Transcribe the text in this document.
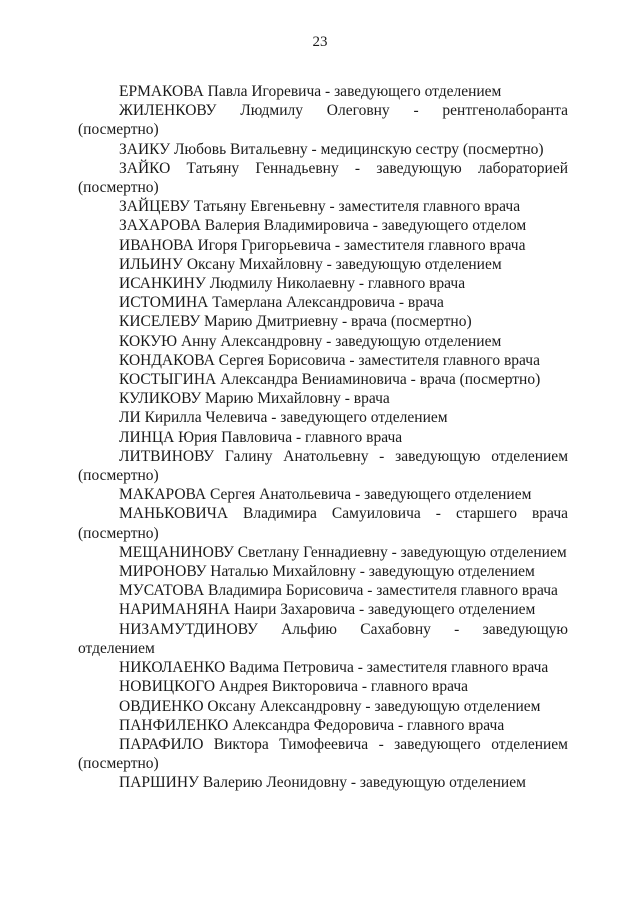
23

ЕРМАКОВА Павла Игоревича - заведующего отделением

ЖИЛЕНКОВУ Людмилу Олеговну - рентгенолаборанта (посмертно)

ЗАИКУ Любовь Витальевну - медицинскую сестру (посмертно)

ЗАЙКО Татьяну Геннадьевну - заведующую лабораторией (посмертно)

ЗАЙЦЕВУ Татьяну Евгеньевну - заместителя главного врача

ЗАХАРОВА Валерия Владимировича - заведующего отделом

ИВАНОВА Игоря Григорьевича - заместителя главного врача

ИЛЬИНУ Оксану Михайловну - заведующую отделением

ИСАНКИНУ Людмилу Николаевну - главного врача

ИСТОМИНА Тамерлана Александровича - врача

КИСЕЛЕВУ Марию Дмитриевну - врача (посмертно)

КОКУЮ Анну Александровну - заведующую отделением

КОНДАКОВА Сергея Борисовича - заместителя главного врача

КОСТЫГИНА Александра Вениаминовича - врача (посмертно)

КУЛИКОВУ Марию Михайловну - врача

ЛИ Кирилла Челевича - заведующего отделением

ЛИНЦА Юрия Павловича - главного врача

ЛИТВИНОВУ Галину Анатольевну - заведующую отделением (посмертно)

МАКАРОВА Сергея Анатольевича - заведующего отделением

МАНЬКОВИЧА Владимира Самуиловича - старшего врача (посмертно)

МЕЩАНИНОВУ Светлану Геннадиевну - заведующую отделением

МИРОНОВУ Наталью Михайловну - заведующую отделением

МУСАТОВА Владимира Борисовича - заместителя главного врача

НАРИМАНЯНА Наири Захаровича - заведующего отделением

НИЗАМУТДИНОВУ Альфию Сахабовну - заведующую отделением

НИКОЛАЕНКО Вадима Петровича - заместителя главного врача

НОВИЦКОГО Андрея Викторовича - главного врача

ОВДИЕНКО Оксану Александровну - заведующую отделением

ПАНФИЛЕНКО Александра Федоровича - главного врача

ПАРАФИЛО Виктора Тимофеевича - заведующего отделением (посмертно)

ПАРШИНУ Валерию Леонидовну - заведующую отделением
